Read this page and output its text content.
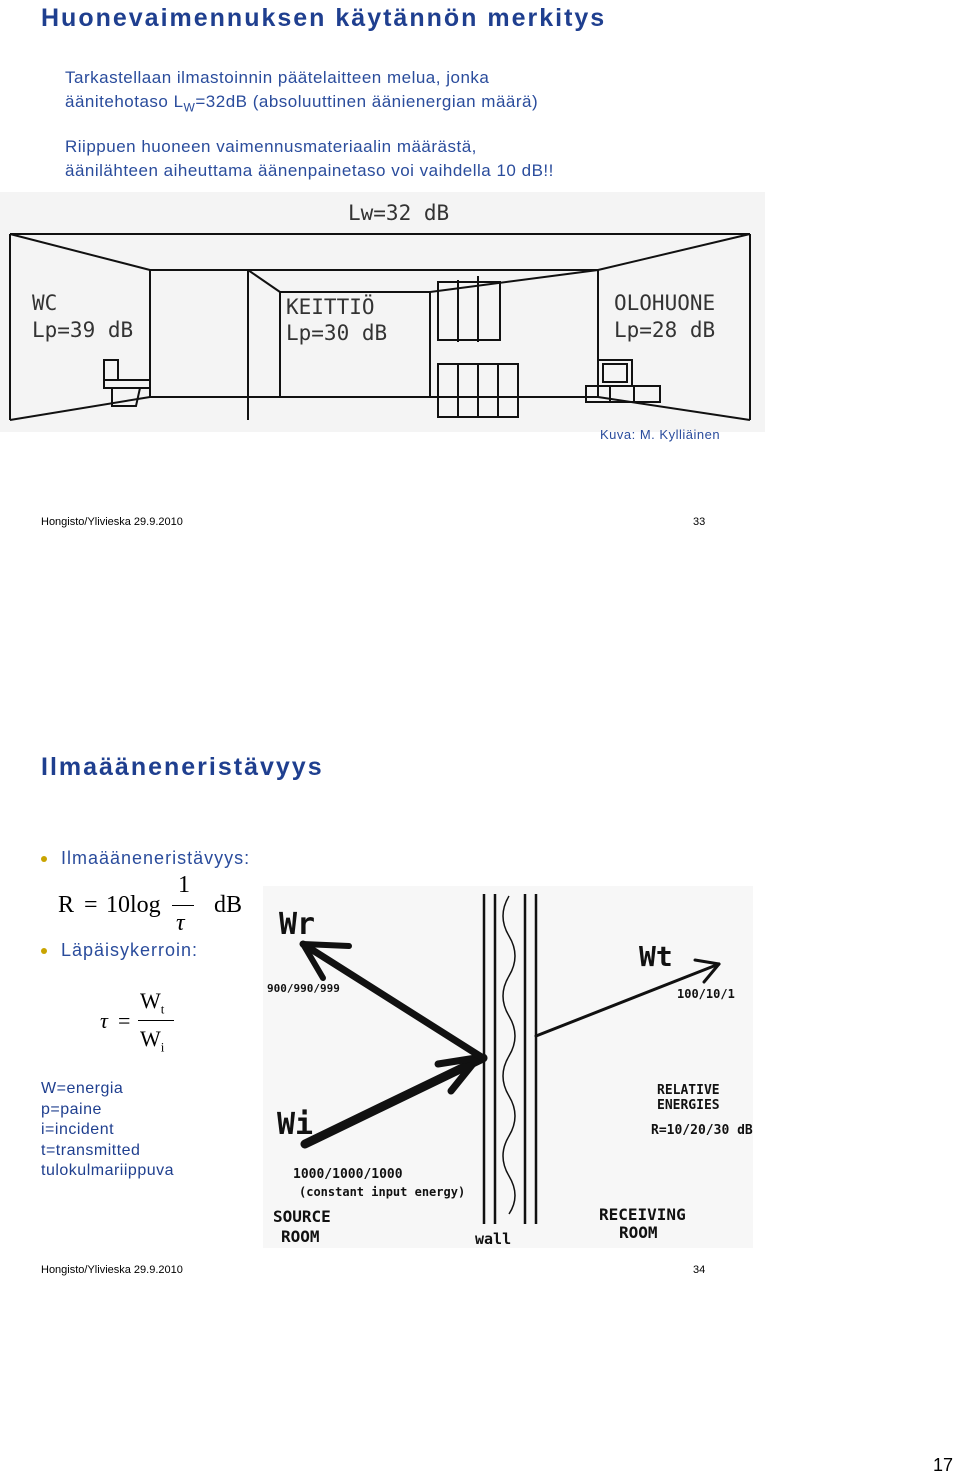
Huonevaimennuksen käytännön merkitys
Tarkastellaan ilmastoinnin päätelaitteen melua, jonka
äänitehotaso $L_W=32dB$ (absoluuttinen äänienergian määrä)
Riippuen huoneen vaimennusmateriaalin määrästä,
äänilähteen aiheuttama äänenpainetaso voi vaihdella 10 dB!!
Lw=32 dB
WC
Lp=39 dB
KEITTIÖ
Lp=30 dB
OLOHUONE
Lp=28 dB
Kuva: M. Kylliäinen
Hongisto/Ylivieska 29.9.2010	33
Ilmaääneneristävyys
Ilmaääneneristävyys:
R = 10log
1
τ
dB
Läpäisykerroin:
τ =
$W_t$
$W_i$
W=energia
p=paine
i=incident
t=transmitted
tulokulmariippuva
Wr
Wi
Wt
900/990/999
1000/1000/1000
(constant input energy)
100/10/1
RELATIVE
ENERGIES
R=10/20/30 dB
SOURCE
ROOM	wall
RECEIVING
ROOM
Hongisto/Ylivieska 29.9.2010	34
17
